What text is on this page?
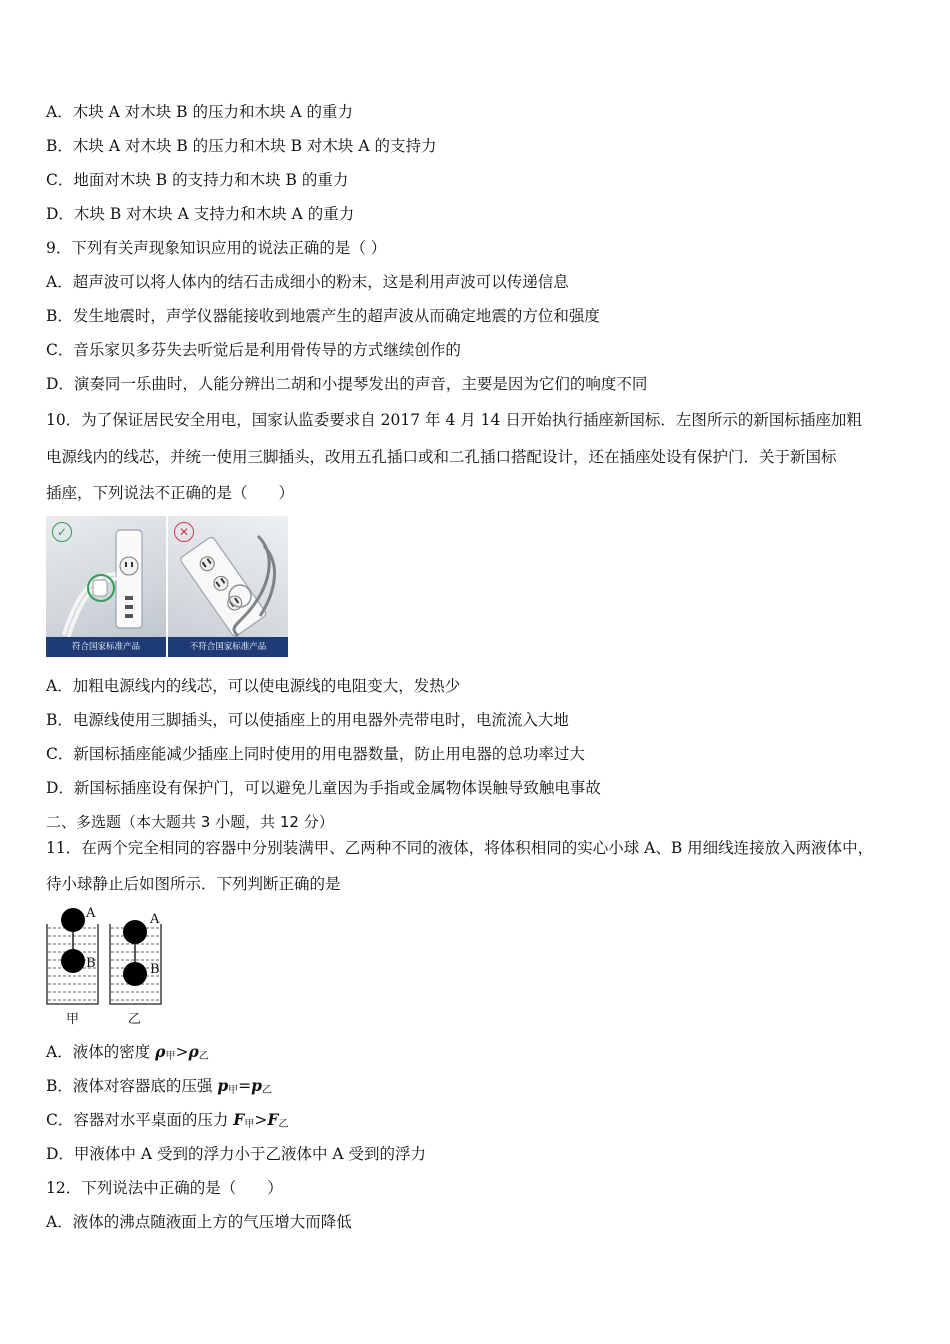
A．木块 A 对木块 B 的压力和木块 A 的重力
B．木块 A 对木块 B 的压力和木块 B 对木块 A 的支持力
C．地面对木块 B 的支持力和木块 B 的重力
D．木块 B 对木块 A 支持力和木块 A 的重力
9．下列有关声现象知识应用的说法正确的是（ ）
A．超声波可以将人体内的结石击成细小的粉末，这是利用声波可以传递信息
B．发生地震时，声学仪器能接收到地震产生的超声波从而确定地震的方位和强度
C．音乐家贝多芬失去听觉后是利用骨传导的方式继续创作的
D．演奏同一乐曲时，人能分辨出二胡和小提琴发出的声音，主要是因为它们的响度不同
10．为了保证居民安全用电，国家认监委要求自 2017 年 4 月 14 日开始执行插座新国标．左图所示的新国标插座加粗
电源线内的线芯，并统一使用三脚插头，改用五孔插口或和二孔插口搭配设计，还在插座处设有保护门．关于新国标
插座，下列说法不正确的是（　　）
✓
符合国家标准产品
✕
不符合国家标准产品
A．加粗电源线内的线芯，可以使电源线的电阻变大，发热少
B．电源线使用三脚插头，可以使插座上的用电器外壳带电时，电流流入大地
C．新国标插座能减少插座上同时使用的用电器数量，防止用电器的总功率过大
D．新国标插座设有保护门，可以避免儿童因为手指或金属物体误触导致触电事故
二、多选题（本大题共 3 小题，共 12 分）
11．在两个完全相同的容器中分别装满甲、乙两种不同的液体，将体积相同的实心小球 A、B 用细线连接放入两液体中，
待小球静止后如图所示．下列判断正确的是
A
B
A
B
甲	乙
A．液体的密度 $\rho_甲>\rho_乙$
B．液体对容器底的压强 $p_甲=p_乙$
C．容器对水平桌面的压力 $F_甲>F_乙$
D．甲液体中 A 受到的浮力小于乙液体中 A 受到的浮力
12．下列说法中正确的是（　　）
A．液体的沸点随液面上方的气压增大而降低
